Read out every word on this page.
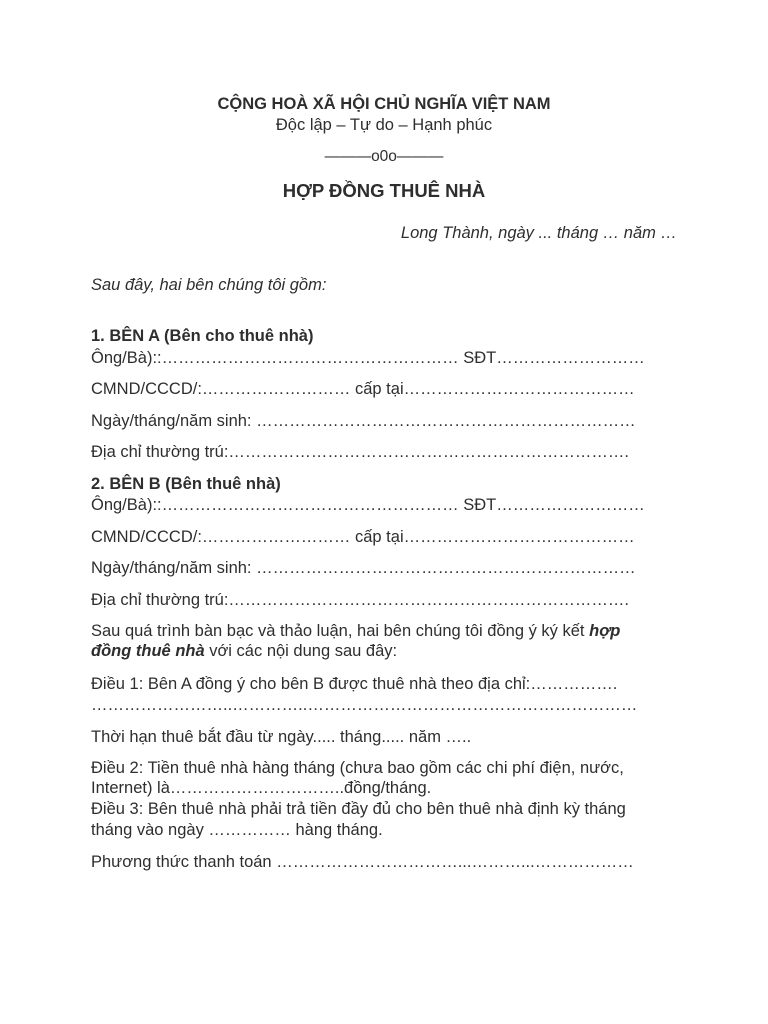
CỘNG HOÀ XÃ HỘI CHỦ NGHĨA VIỆT NAM
Độc lập – Tự do – Hạnh phúc
———o0o———
HỢP ĐỒNG THUÊ NHÀ
Long Thành, ngày ... tháng … năm …
Sau đây, hai bên chúng tôi gồm:
1. BÊN A (Bên cho thuê nhà)
Ông/Bà)::……………………………………………… SĐT………………………
CMND/CCCD/:……………………… cấp tại……………………………………
Ngày/tháng/năm sinh: ……………………………………………………………
Địa chỉ thường trú:……………………………………………………………….
2. BÊN B (Bên thuê nhà)
Ông/Bà)::……………………………………………… SĐT………………………
CMND/CCCD/:……………………… cấp tại……………………………………
Ngày/tháng/năm sinh: ……………………………………………………………
Địa chỉ thường trú:……………………………………………………………….
Sau quá trình bàn bạc và thảo luận, hai bên chúng tôi đồng ý ký kết hợp
đồng thuê nhà với các nội dung sau đây:
Điều 1: Bên A đồng ý cho bên B được thuê nhà theo địa chỉ:…………….
……………………..…………..……………………………………………………
Thời hạn thuê bắt đầu từ ngày..... tháng..... năm …..
Điều 2: Tiền thuê nhà hàng tháng (chưa bao gồm các chi phí điện, nước,
Internet) là…………………………..đồng/tháng.
Điều 3: Bên thuê nhà phải trả tiền đầy đủ cho bên thuê nhà định kỳ tháng
tháng vào ngày …………… hàng tháng.
Phương thức thanh toán ……………………………...………...………………
